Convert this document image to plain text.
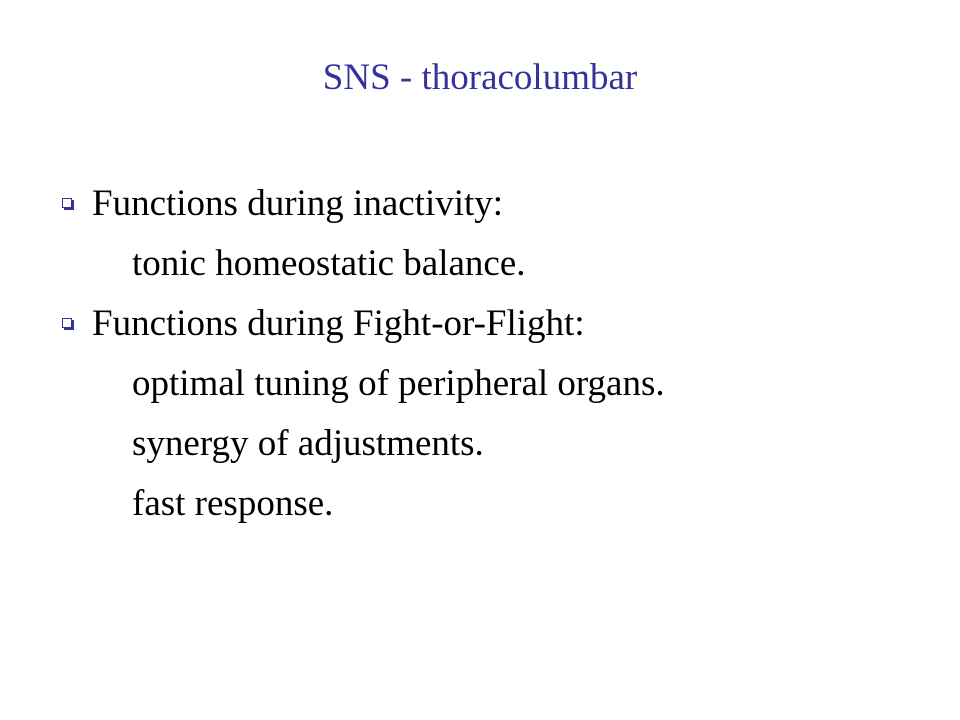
SNS - thoracolumbar
Functions during inactivity:
tonic homeostatic balance.
Functions during Fight-or-Flight:
optimal tuning of peripheral organs.
synergy of adjustments.
fast response.
